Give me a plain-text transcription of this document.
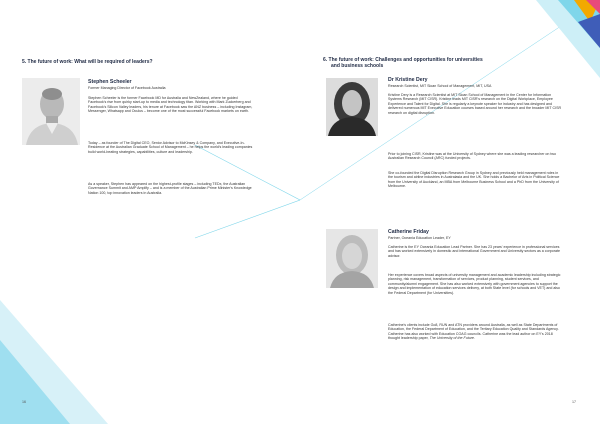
5. The future of work: What will be required of leaders?
Stephen Scheeler
Former Managing Director of Facebook Australia

Stephen Scheeler is the former Facebook MD for Australia and NewZealand, where he guided Facebook's rise from quirky start-up to media and technology titan. Working with Mark Zuckerberg and Facebook's Silicon Valley leaders, his tenure at Facebook saw the ANZ business – including Instagram, Messenger, Whatsapp and Oculus – become one of the most successful Facebook markets on earth.

Today – as founder of The Digital CEO, Senior Advisor to McKinsey & Company, and Executive-In-Residence at the Australian Graduate School of Management – he helps the world's leading companies build world-beating strategies, capabilities, culture and leadership.

As a speaker, Stephen has appeared on the highest-profile stages – including TEDx, the Australian Governance Summit and AMP Amplify – and is a member of the Australian Prime Minister's Knowledge Nation 100, top innovation leaders in Australia.

16
6. The future of work: Challenges and opportunities for universities
and business schools
Dr Kristine Dery
Research Scientist, MIT Sloan School of Management, MIT, USA

Kristine Dery is a Research Scientist at MIT Sloan School of Management in the Center for Information Systems Research (MIT CISR). Kristine leads MIT CISR's research on the Digital Workplace, Employee Experience and Talent for Digital. She is regularly a keynote speaker for industry and has designed and delivered numerous MIT Executive Education courses based around her research and the broader MIT CISR research on digital disruption.

Prior to joining CISR, Kristine was at the University of Sydney where she was a leading researcher on two Australian Research Council (ARC) funded projects.

She co-founded the Digital Disruption Research Group in Sydney and previously held management roles in the tourism and airline industries in Australasia and the UK. She holds a Bachelor of Arts in Political Science from the University of Auckland, an MBA from Melbourne Business School and a PhD from the University of Melbourne.

Catherine Friday
Partner, Oceania Education Leader, EY

Catherine is the EY Oceania Education Lead Partner. She has 23 years' experience in professional services and has worked extensively in domestic and international Government and University sectors as a corporate advisor.

Her experience covers broad aspects of university management and academic leadership including strategic planning, risk management, transformation of services, product planning, student services, and community/alumni engagement. She has also worked extensively with government agencies to support the design and implementation of education services delivery, at both State level (for schools and VET) and also the Federal Department (for Universities).

Catherine's clients include Go8, RUN and ATN providers around Australia, as well as State Departments of Education, the Federal Department of Education, and the Tertiary Education Quality and Standards Agency. Catherine has also worked with Education COAG councils. Catherine was the lead author on EY's 2018 thought leadership paper, The University of the Future.

17
